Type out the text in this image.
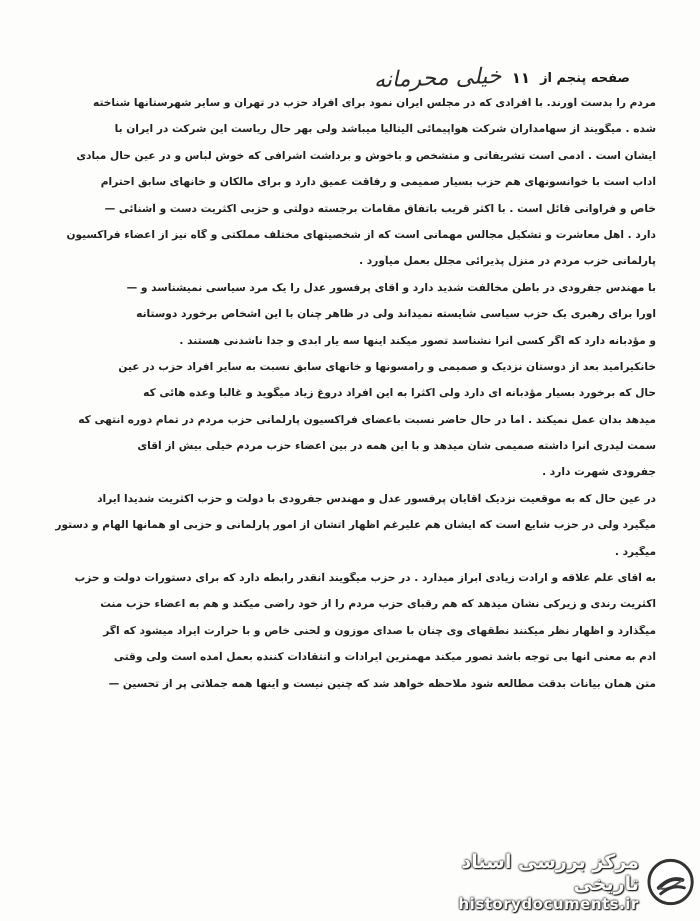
صفحه پنجم از
۱۱
خیلی محرمانه
مردم را بدست آورند. با افرادی که در مجلس ایران نمود برای افراد حزب در تهران و سایر شهرستانها شناخته
شده . میگویند از سهامداران شرکت هواپیمائی آلیتالیا میباشد ولی بهر حال ریاست این شرکت در ایران با
ایشان است . آدمی است تشریفاتی و متشخص و باخوش و برداشت اشرافی که خوش لباس و در عین حال مبادی
آداب است با خوانسونهای هم حزب بسیار صمیمی و رفاقت عمیق دارد و برای مالکان و خانهای سابق احترام
خاص و فراوانی قائل است . با اکثر قریب باتفاق مقامات برجسته دولتی و حزبی اکثریت دست و آشنائی —
دارد . اهل معاشرت و تشکیل مجالس مهمانی است که از شخصیتهای مختلف مملکتی و گاه نیز از اعضاء فراکسیون
پارلمانی حزب مردم در منزل پذیرائی مجلل بعمل میآورد .
با مهندس جفرودی در باطن مخالفت شدید دارد و آقای پرفسور عدل را یک مرد سیاسی نمیشناسد و —
اورا برای رهبری یک حزب سیاسی شایسته نمیداند ولی در ظاهر چنان با این اشخاص برخورد دوستانه
و مؤدبانه دارد که اگر کسی آنرا نشناسد تصور میکند اینها سه یار ابدی و جدا ناشدنی هستند .
خانکیرامید بعد از دوستان نزدیک و صمیمی و رامسونها و خانهای سابق نسبت به سایر افراد حزب در عین
حال که برخورد بسیار مؤدبانه ای دارد ولی اکثرا به این افراد دروغ زیاد میگوید و غالبا وعده هائی که
میدهد بدان عمل نمیکند . اما در حال حاضر نسبت باعضای فراکسیون پارلمانی حزب مردم در تمام دوره انتهی که
سمت لیدری آنرا داشته صمیمی شان میدهد و با این همه در بین اعضاء حزب مردم خیلی بیش از آقای
جفرودی شهرت دارد .
در عین حال که به موقعیت نزدیک آقایان پرفسور عدل و مهندس جفرودی با دولت و حزب اکثریت شدیدا ایراد
میگیرد ولی در حزب شایع است که ایشان هم علیرغم اظهار اتشان از امور پارلمانی و حزبی او همانها الهام و دستور
میگیرد .
به آقای علم علاقه و ارادت زیادی ابراز میدارد . در حزب میگویند آنقدر رابطه دارد که برای دستورات دولت و حزب
اکثریت رندی و زیرکی نشان میدهد که هم رقبای حزب مردم را از خود راضی میکند و هم به اعضاء حزب منت
میگذارد و اظهار نظر میکنند نطقهای وی چنان با صدای موزون و لحنی خاص و با حرارت ایراد میشود که اگر
آدم به معنی آنها بی توجه باشد تصور میکند مهمترین ایرادات و انتقادات کننده بعمل آمده است ولی وقتی
متن همان بیانات بدقت مطالعه شود ملاحظه خواهد شد که چنین نیست و اینها همه جملاتی پر از تحسین —
مرکز بررسی اسناد تاریخی
historydocuments.ir
